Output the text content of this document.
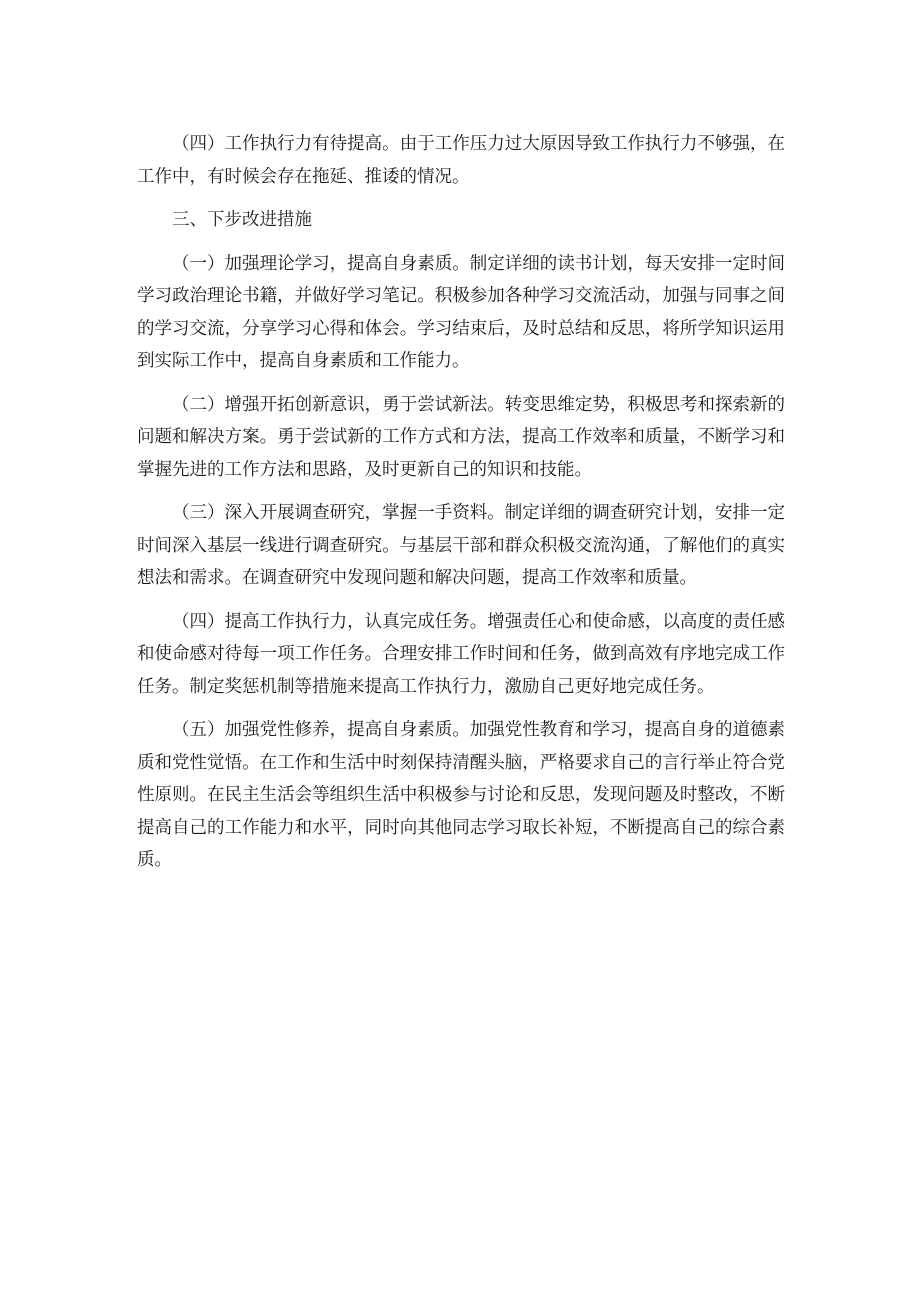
（四）工作执行力有待提高。由于工作压力过大原因导致工作执行力不够强，在工作中，有时候会存在拖延、推诿的情况。

三、下步改进措施

（一）加强理论学习，提高自身素质。制定详细的读书计划，每天安排一定时间学习政治理论书籍，并做好学习笔记。积极参加各种学习交流活动，加强与同事之间的学习交流，分享学习心得和体会。学习结束后，及时总结和反思，将所学知识运用到实际工作中，提高自身素质和工作能力。

（二）增强开拓创新意识，勇于尝试新法。转变思维定势，积极思考和探索新的问题和解决方案。勇于尝试新的工作方式和方法，提高工作效率和质量，不断学习和掌握先进的工作方法和思路，及时更新自己的知识和技能。

（三）深入开展调查研究，掌握一手资料。制定详细的调查研究计划，安排一定时间深入基层一线进行调查研究。与基层干部和群众积极交流沟通，了解他们的真实想法和需求。在调查研究中发现问题和解决问题，提高工作效率和质量。

（四）提高工作执行力，认真完成任务。增强责任心和使命感，以高度的责任感和使命感对待每一项工作任务。合理安排工作时间和任务，做到高效有序地完成工作任务。制定奖惩机制等措施来提高工作执行力，激励自己更好地完成任务。

（五）加强党性修养，提高自身素质。加强党性教育和学习，提高自身的道德素质和党性觉悟。在工作和生活中时刻保持清醒头脑，严格要求自己的言行举止符合党性原则。在民主生活会等组织生活中积极参与讨论和反思，发现问题及时整改，不断提高自己的工作能力和水平，同时向其他同志学习取长补短，不断提高自己的综合素质。
